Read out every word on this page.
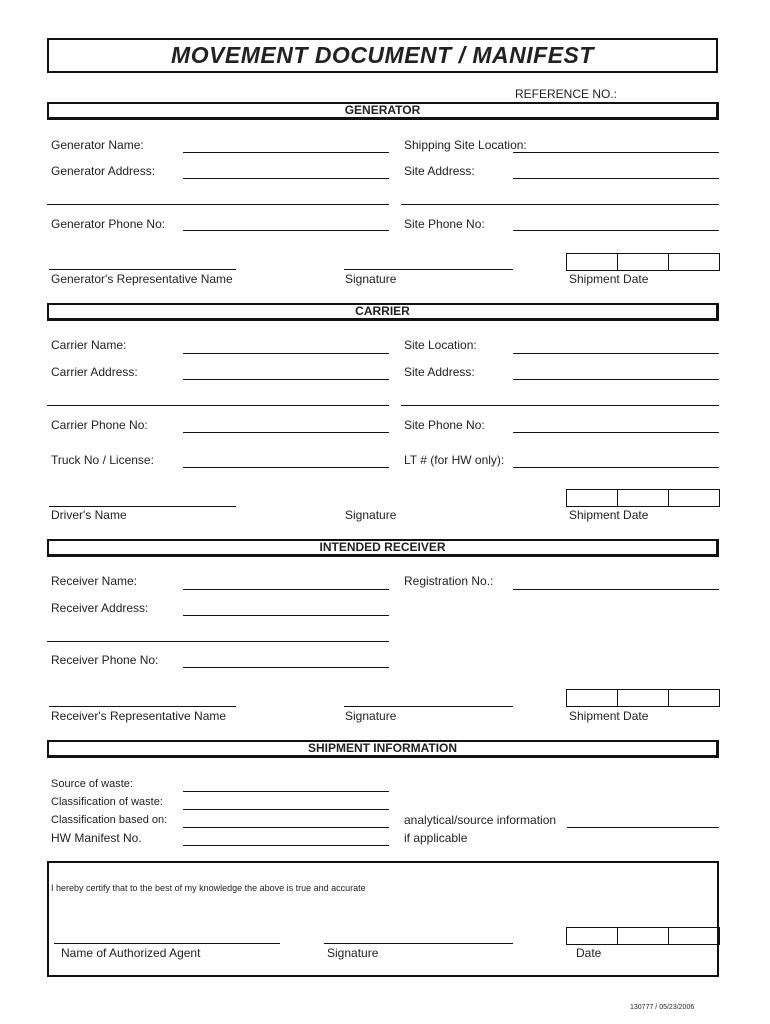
MOVEMENT DOCUMENT / MANIFEST
REFERENCE NO.:
GENERATOR
Generator Name:	Shipping Site Location:
Generator Address:	Site Address:
Generator Phone No:	Site Phone No:
Generator's Representative Name	Signature	Shipment Date
CARRIER
Carrier Name:	Site Location:
Carrier Address:	Site Address:
Carrier Phone No:	Site Phone No:
Truck No / License:	LT # (for HW only):
Driver's Name	Signature	Shipment Date
INTENDED RECEIVER
Receiver Name:	Registration No.:
Receiver Address:
Receiver Phone No:
Receiver's Representative Name	Signature	Shipment Date
SHIPMENT INFORMATION
Source of waste:
Classification of waste:
Classification based on:	analytical/source information
HW Manifest No.	if applicable
I hereby certify that to the best of my knowledge the above is true and accurate
Name of Authorized Agent	Signature	Date
130777 / 05/23/2006
